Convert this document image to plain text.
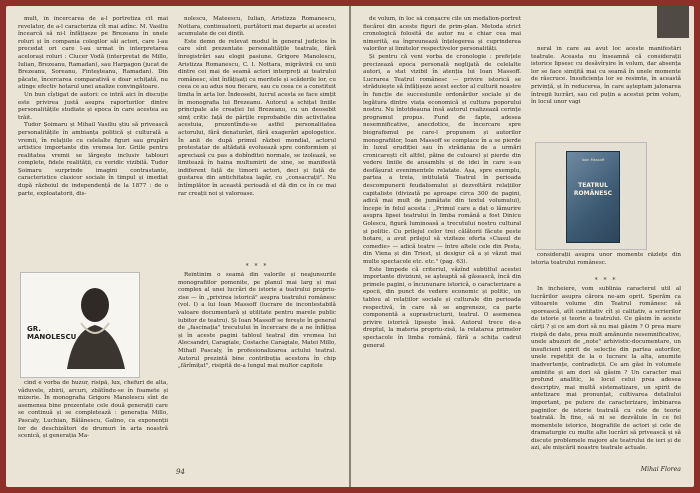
mult, în încercarea de a-l portretiza cît mai revelator, de a-l caracteriza cît mai adînc. M. Vasiliu încearcă să ni-l înfățișeze pe Brezeanu în unele roluri și în compania colegilor săi actori, care l-au precedat ori care l-au urmat în interpretarea acelorași roluri : Clucer Vodă (interpretat de Millo, Iulian, Brezeanu, Ramadan), sau Harpagon (jucat de Brezeanu, Soreanu, Finteșteanu, Ramadan). Din păcate, încercarea comparativă e doar schițată, nu atinge efectiv hotarul unei analize convingătoare.

Un bun cîștigat de autori: ce intră aici în discuție este privirea justă asupra raporturilor dintre personalitățile studiate și epoca în care acestea au trăit.

Tudor Șoimaru și Mihail Vasiliu știu să privească personalitățile în ambianța politică și culturală a vremii, în relațiile cu celelalte figuri sau grupări artistice importante din vremea lor. Griile pentru realitatea vremii se lărgește inclusiv tablouri complete, fidele realității, cu veridic vizibilă. Tudor Șoimaru surprinde imagini contrastante, caracteristice clasicor sociale în timpul și imediat după războiul de independență de la 1877 : de o parte, exploatatorii, dis-

GR. MANOLESCU

cînd e vorba de huzur, risipă, lux, chefuri de alta, văduvele, zbirii, arcuri, zbătîndu-se în foamete și mizerie. În monografia Grigore Manolescu sînt de asemenea bine prezentate cele două generații care se continuă și se completează : generația Millo, Pascaly, Luchian, Bălănescu, Galino, ca exponenții lor de deschizători de drumuri în arta noastră scenică, și generația Ma-

nolescu, Mateescu, Iulian, Aristizza Romanescu, Nottara, continuatorii, purtătorii mai departe ai acestei acumulate de cei dintîi.

Este demn de relevat modul în general judicios în care sînt prezentate personalitățile teatrale, fără înregistrări sau elogii pasiune. Grigore Manolescu, Aristizza Romanescu, C. I. Nottara, migrăviră cu unii dintre cei mai de seamă actori interpreți ai teatrului românesc, sînt înfățișați cu meritele și scăderile lor, cu ceea ce au adus nou fiecare, sau cu ceea ce a constituit limita în arta lor. Îndeosebi, lucrul acesta se face simțit în monografia lui Brezeanu. Autorul a schițat liniile principale ale creației lui Brezeanu, cu un deosebit simț critic față de părțile reprobabile din activitatea acestuia, prezentîndu-se astfel personalitatea actorului, fără denaturări, fără exagerări apologetice. În anii de după primul război mondial, actorul protestatar de altădată evoluează spre conformism și apreciază cu pas a dobînditei normale, se izolează, se limitează în haina multumirii de sine, se manifestă indiferent față de timorii actori, deci și față de gustarea din antichitatea lagăr, cu „consacrații". Nu întîmplător în această perioadă el dă din ce în ce mai rar creații noi și valoroase.

* * *

Reîntînim o seamă din valorile și neajunsurile monografiilor pomenite, pe planul mai larg și mai complex al unei lucrări de istorie a teatrului propriu-zise — în „privirea istorică" asupra teatrului românesc (vol. I) a lui Ioan Massoff (lucrare de incontestabilă valoare documentară și utilitate pentru marele public iubitor de teatru). Și Ioan Massoff se ferește în general de „fascinația" trecutului în încercare de a ne înfățișa și în aceste pagini tabloul teatral din vremea lui Alecsandri, Caragiale, Costache Caragiale, Matei Millo, Mihail Pascaly, în profesionalizarea actului teatral. Autorul prezintă bine contribuția acestora în chip „fărîmițat", risipită de-a lungul mai multor capitole

94

de volum, în loc să conșacre cile un medalion-portret fiecărei din aceste figuri de prim-plan. Metoda strict cronologică folosită de autor nu e chiar cea mai nimerită, ea îngreunează înțelegerea și cuprinderea valorilor și limitelor respectivelor personalități.

Și pentru că veni vorba de cronologie : prefețele precizează epoca personală neglijată de celelalte autori, a stat vizibil în atenția lui Ioan Massoff. Lucrarea Teatrul românesc — privire istorică se străduiește să înfățișeze acest sector al culturii noastre în funcție de succesiunile ordonărilor sociale și de legătura dintre viața economică și cultura poporului nostru. Nu întotdeauna însă autorul realizează cerințe programul propus. Fund de fapte, adesea nesemnificative, anecdotice, de încercare spre biografismul pe care-l propunem și autorilor monografiilor, Ioan Massoff se complace în a se pierde în luxul erudiției sau în strădania de a urmări cronicarești cît altfel, păine de culoare) și pierde din vedere liniile de ansamblu și de idei în care s-au desfășurat evenimentele relatate. Așa, spre exemplu, partea a treia, intitulată Teatrul în perioada descompunerii feudalismului și dezvoltării relațiilor capitaliste (divizată pe aproape circa 300 de pagini, adică mai mult de jumătate din textul volumului), începe în felul acesta : „Primul care a dat o lămurire asupra lipsei teatrului în limba română a fost Dinicu Golescu, figură luminoasă a trecutului nostru cultural și politic. Cu prilejul celor trei călătorii făcute peste hotare, a avut prilejul să viziteze oferta «Ciasul de comedie» — adică teatre — între altele cele din Pesta, din Viena și din Triest, și desigur că a și văzut mai multe spectacole etc. etc." (pag. 63).

Este limpede că criteriul, văzînd subtitlul acestei importante diviziuni, se așteaptă să găsească, încă din primele pagini, o încununare istorică, o caracterizare a epocii, din punct de vedere economic și politic, un tablou al relațiilor sociale și culturale din perioada respectivă, în care să se angreneze, ca parte componentă a suprastructurii, teatrul. O asemenea privire istorică lipsește însă. Autorul trece de-a dreptul, la materia propriu-zisă, la relatarea primelor spectacole în limba română, fără a schița cadrul general

neral în care au avut loc aceste manifestări teatrale. Aceasta nu înseamnă că considerații istorice lipsesc cu desăvîrșire în volum, dar absența lor se face simțită mai cu seamă în unele momente de răscruce. Insuficiența lor se resimte, în această privință, și în reducerea, în care așteptam jalonarea întregii lucrări, sau cel puțin a acestui prim volum, în locul unor vagi

Ioan Massoff
TEATRUL ROMÂNESC

considerații asupra unor momente răzlețe din istoria teatrului românesc.

* * *

În încheiere, vom sublinia caracterul util al lucrărilor asupra cărora ne-am oprit. Sperăm ca viitoarele volume din Teatrul românesc să sporească, atît cantitativ cît și calitativ, a scrierilor de istorie și teorie a teatrului. Ce găsim în aceste cărți ? și ce am dori să nu mai găsim ? O prea mare risipă de date, prea mult amănunte nesemnificative, unele abuzuri de „note" arhivistic-documentare, un insuficient spirit de selecție din partea autorilor, unele repetiții de la o lucrare la alta, anumite inadvertențe, contradicții. Ce am găsi în volumele amintite și am dori să găsim ? Un caracter mai profund analitic, le locul celui prea adesea descriptiv, mai multă sistematizare, un spirit de antetizare mai pronunțat, cultivarea detaliului important, pe putere de caracterizare, îmbinarea paginilor de istorie teatrală cu cele de teorie teatrală. În fine, să ni se dezvăluie în ce fel momentele istorice, biografiile de actori și cele de dramaturgie cu multe alte lucrări să privească și să discute problemele majore ale teatrului de ieri și de azi, ale mișcării noastre teatrale actuale.

Mihai Florea
